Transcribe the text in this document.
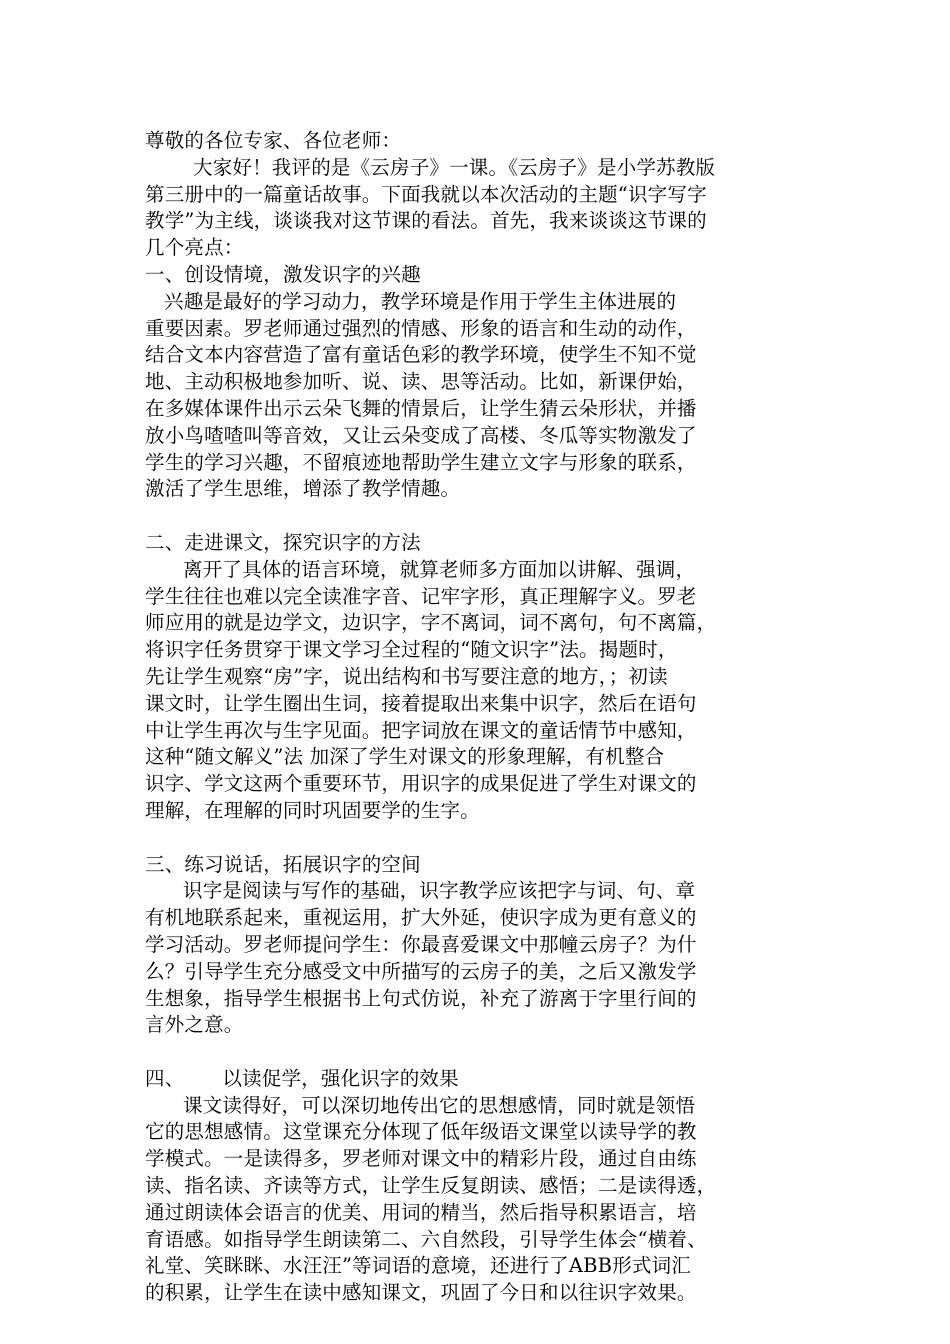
尊敬的各位专家、各位老师：
大家好！我评的是《云房子》一课。《云房子》是小学苏教版
第三册中的一篇童话故事。下面我就以本次活动的主题“识字写字
教学”为主线，谈谈我对这节课的看法。首先，我来谈谈这节课的
几个亮点：
一、创设情境，激发识字的兴趣
兴趣是最好的学习动力，教学环境是作用于学生主体进展的
重要因素。罗老师通过强烈的情感、形象的语言和生动的动作，
结合文本内容营造了富有童话色彩的教学环境，使学生不知不觉
地、主动积极地参加听、说、读、思等活动。比如，新课伊始，
在多媒体课件出示云朵飞舞的情景后，让学生猜云朵形状，并播
放小鸟喳喳叫等音效，又让云朵变成了高楼、冬瓜等实物激发了
学生的学习兴趣，不留痕迹地帮助学生建立文字与形象的联系，
激活了学生思维，增添了教学情趣。
二、走进课文，探究识字的方法
离开了具体的语言环境，就算老师多方面加以讲解、强调，
学生往往也难以完全读准字音、记牢字形，真正理解字义。罗老
师应用的就是边学文，边识字，字不离词，词不离句，句不离篇，
将识字任务贯穿于课文学习全过程的“随文识字”法。揭题时，
先让学生观察“房”字，说出结构和书写要注意的地方，；初读
课文时，让学生圈出生词，接着提取出来集中识字，然后在语句
中让学生再次与生字见面。把字词放在课文的童话情节中感知，
这种“随文解义”法 加深了学生对课文的形象理解，有机整合
识字、学文这两个重要环节，用识字的成果促进了学生对课文的
理解，在理解的同时巩固要学的生字。
三、练习说话，拓展识字的空间
识字是阅读与写作的基础，识字教学应该把字与词、句、章
有机地联系起来，重视运用，扩大外延，使识字成为更有意义的
学习活动。罗老师提问学生：你最喜爱课文中那幢云房子？为什
么？引导学生充分感受文中所描写的云房子的美，之后又激发学
生想象，指导学生根据书上句式仿说，补充了游离于字里行间的
言外之意。
四、 以读促学，强化识字的效果
课文读得好，可以深切地传出它的思想感情，同时就是领悟
它的思想感情。这堂课充分体现了低年级语文课堂以读导学的教
学模式。一是读得多，罗老师对课文中的精彩片段，通过自由练
读、指名读、齐读等方式，让学生反复朗读、感悟；二是读得透，
通过朗读体会语言的优美、用词的精当，然后指导积累语言，培
育语感。如指导学生朗读第二、六自然段，引导学生体会“横着、
礼堂、笑眯眯、水汪汪”等词语的意境，还进行了ABB形式词汇
的积累，让学生在读中感知课文，巩固了今日和以往识字效果。
